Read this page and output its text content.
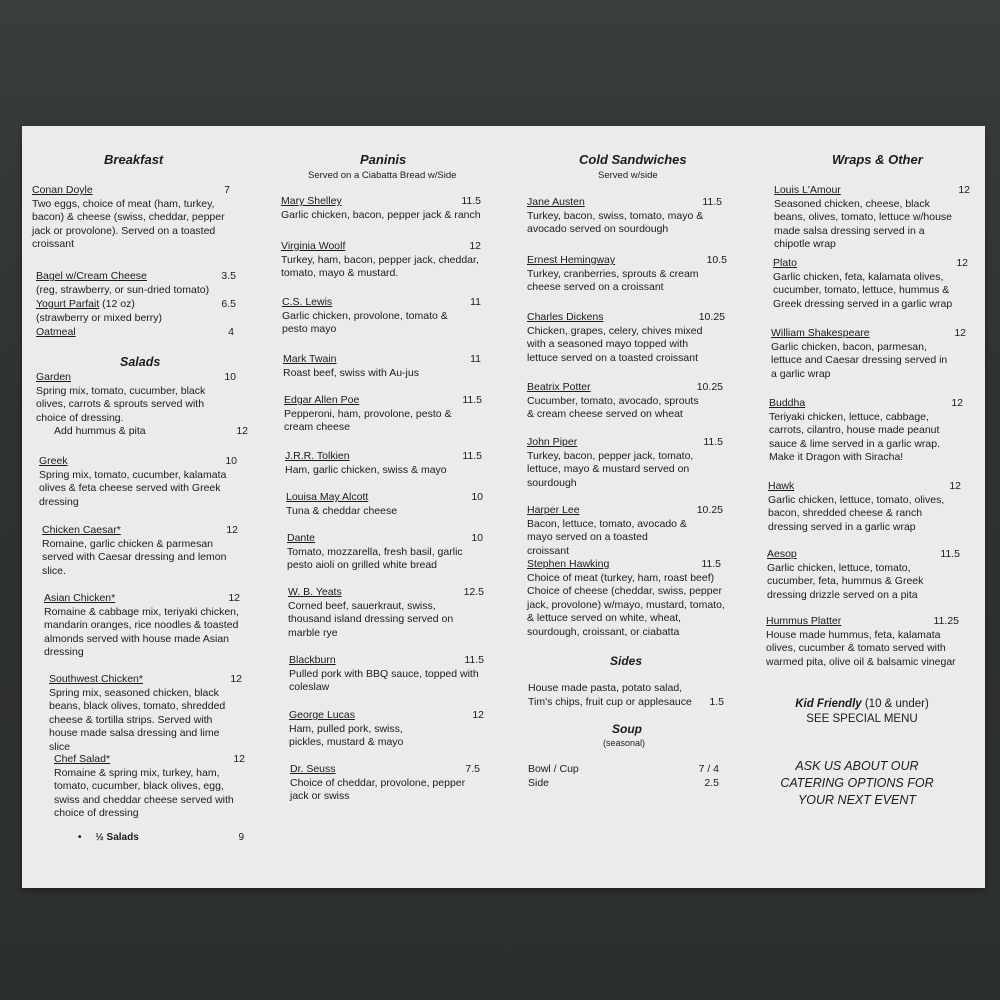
Breakfast
Conan Doyle	7

Two eggs, choice of meat (ham, turkey, bacon) & cheese (swiss, cheddar, pepper jack or provolone). Served on a toasted croissant

Bagel w/Cream Cheese	3.5

(reg, strawberry, or sun-dried tomato)

Yogurt Parfait (12 oz)	6.5

(strawberry or mixed berry)

Oatmeal	4
Salads
Garden	10

Spring mix, tomato, cucumber, black olives, carrots & sprouts served with choice of dressing.

Add hummus & pita	12
Greek	10

Spring mix, tomato, cucumber, kalamata olives & feta cheese served with Greek dressing

Chicken Caesar*	12

Romaine, garlic chicken & parmesan served with Caesar dressing and lemon slice.

Asian Chicken*	12

Romaine & cabbage mix, teriyaki chicken, mandarin oranges, rice noodles & toasted almonds served with house made Asian dressing

Southwest Chicken*	12

Spring mix, seasoned chicken, black beans, black olives, tomato, shredded cheese & tortilla strips. Served with house made salsa dressing and lime slice

Chef Salad*	12

Romaine & spring mix, turkey, ham, tomato, cucumber, black olives, egg, swiss and cheddar cheese served with choice of dressing

•     ½ Salads	9
Paninis
Served on a Ciabatta Bread w/Side
Mary Shelley	11.5

Garlic chicken, bacon, pepper jack & ranch

Virginia Woolf	12

Turkey, ham, bacon, pepper jack, cheddar, tomato, mayo & mustard.

C.S. Lewis	11

Garlic chicken, provolone, tomato & pesto mayo

Mark Twain	11

Roast beef, swiss with Au-jus

Edgar Allen Poe	11.5

Pepperoni, ham, provolone, pesto & cream cheese

J.R.R. Tolkien	11.5

Ham, garlic chicken, swiss & mayo

Louisa May Alcott	10

Tuna & cheddar cheese

Dante	10

Tomato, mozzarella, fresh basil, garlic pesto aioli on grilled white bread

W. B. Yeats	12.5

Corned beef, sauerkraut, swiss, thousand island dressing served on marble rye

Blackburn	11.5

Pulled pork with BBQ sauce, topped with coleslaw

George Lucas	12

Ham, pulled pork, swiss, pickles, mustard & mayo

Dr. Seuss	7.5

Choice of cheddar, provolone, pepper jack or swiss

Cold Sandwiches
Served w/side
Jane Austen	11.5

Turkey, bacon, swiss, tomato, mayo & avocado served on sourdough

Ernest Hemingway	10.5

Turkey, cranberries, sprouts & cream cheese served on a croissant

Charles Dickens	10.25

Chicken, grapes, celery, chives mixed with a seasoned mayo topped with lettuce served on a toasted croissant

Beatrix Potter	10.25

Cucumber, tomato, avocado, sprouts & cream cheese served on wheat

John Piper	11.5

Turkey, bacon, pepper jack, tomato, lettuce, mayo & mustard served on sourdough

Harper Lee	10.25

Bacon, lettuce, tomato, avocado & mayo served on a toasted croissant

Stephen Hawking	11.5

Choice of meat (turkey, ham, roast beef) Choice of cheese (cheddar, swiss, pepper jack, provolone) w/mayo, mustard, tomato, & lettuce served on white, wheat, sourdough, croissant, or ciabatta

Sides
House made pasta, potato salad, Tim's chips, fruit cup or applesauce	1.5
Soup
(seasonal)
Bowl / Cup	7 / 4
Side	2.5
Wraps & Other
Louis L'Amour	12

Seasoned chicken, cheese, black beans, olives, tomato, lettuce w/house made salsa dressing served in a chipotle wrap

Plato	12

Garlic chicken, feta, kalamata olives, cucumber, tomato, lettuce, hummus & Greek dressing served in a garlic wrap

William Shakespeare	12

Garlic chicken, bacon, parmesan, lettuce and Caesar dressing served in a garlic wrap

Buddha	12

Teriyaki chicken, lettuce, cabbage, carrots, cilantro, house made peanut sauce & lime served in a garlic wrap. Make it Dragon with Siracha!

Hawk	12

Garlic chicken, lettuce, tomato, olives, bacon, shredded cheese & ranch dressing served in a garlic wrap

Aesop	11.5

Garlic chicken, lettuce, tomato, cucumber, feta, hummus & Greek dressing drizzle served on a pita

Hummus Platter	11.25

House made hummus, feta, kalamata olives, cucumber & tomato served with warmed pita, olive oil & balsamic vinegar

Kid Friendly (10 & under)
SEE SPECIAL MENU
ASK US ABOUT OUR CATERING OPTIONS FOR YOUR NEXT EVENT
